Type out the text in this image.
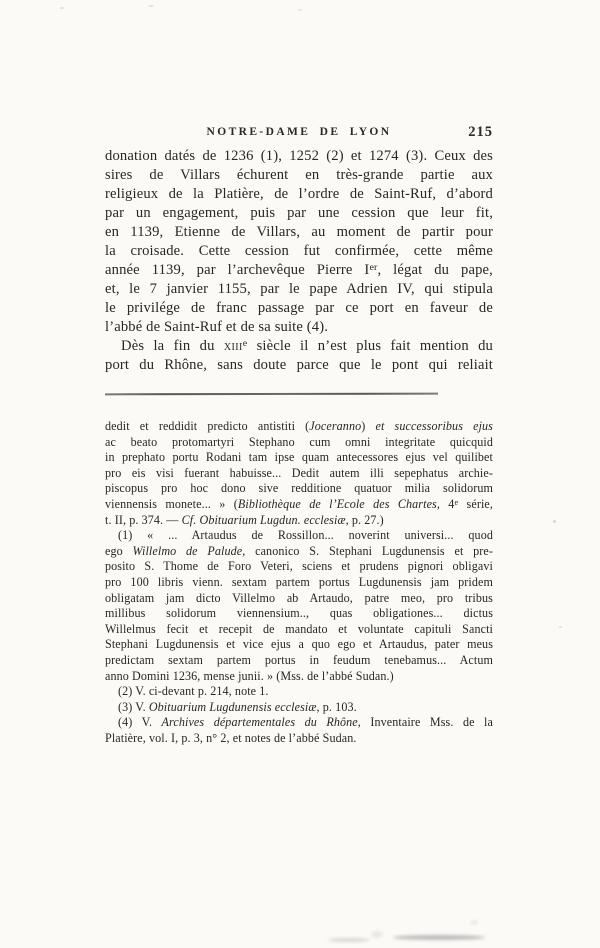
NOTRE-DAME DE LYON	215
donation datés de 1236 (1), 1252 (2) et 1274 (3). Ceux des
sires de Villars échurent en très-grande partie aux
religieux de la Platière, de l’ordre de Saint-Ruf, d’abord
par un engagement, puis par une cession que leur fit,
en 1139, Etienne de Villars, au moment de partir pour
la croisade. Cette cession fut confirmée, cette même
année 1139, par l’archevêque Pierre Ier, légat du pape,
et, le 7 janvier 1155, par le pape Adrien IV, qui stipula
le privilége de franc passage par ce port en faveur de
l’abbé de Saint-Ruf et de sa suite (4).
Dès la fin du xiii$^e$ siècle il n’est plus fait mention du
port du Rhône, sans doute parce que le pont qui reliait
dedit et reddidit predicto antistiti (Joceranno) et successoribus ejus
ac beato protomartyri Stephano cum omni integritate quicquid
in prephato portu Rodani tam ipse quam antecessores ejus vel quilibet
pro eis visi fuerant habuisse... Dedit autem illi sepephatus archie-
piscopus pro hoc dono sive redditione quatuor milia solidorum
viennensis monete... » (Bibliothèque de l’Ecole des Chartes, 4e série,
t. II, p. 374. — Cf. Obituarium Lugdun. ecclesiæ, p. 27.)
(1) « ... Artaudus de Rossillon... noverint universi... quod
ego Willelmo de Palude, canonico S. Stephani Lugdunensis et pre-
posito S. Thome de Foro Veteri, sciens et prudens pignori obligavi
pro 100 libris vienn. sextam partem portus Lugdunensis jam pridem
obligatam jam dicto Villelmo ab Artaudo, patre meo, pro tribus
millibus solidorum viennensium.., quas obligationes... dictus
Willelmus fecit et recepit de mandato et voluntate capituli Sancti
Stephani Lugdunensis et vice ejus a quo ego et Artaudus, pater meus
predictam sextam partem portus in feudum tenebamus... Actum
anno Domini 1236, mense junii. » (Mss. de l’abbé Sudan.)
(2) V. ci-devant p. 214, note 1.
(3) V. Obituarium Lugdunensis ecclesiæ, p. 103.
(4) V. Archives départementales du Rhône, Inventaire Mss. de la
Platière, vol. I, p. 3, n° 2, et notes de l’abbé Sudan.
